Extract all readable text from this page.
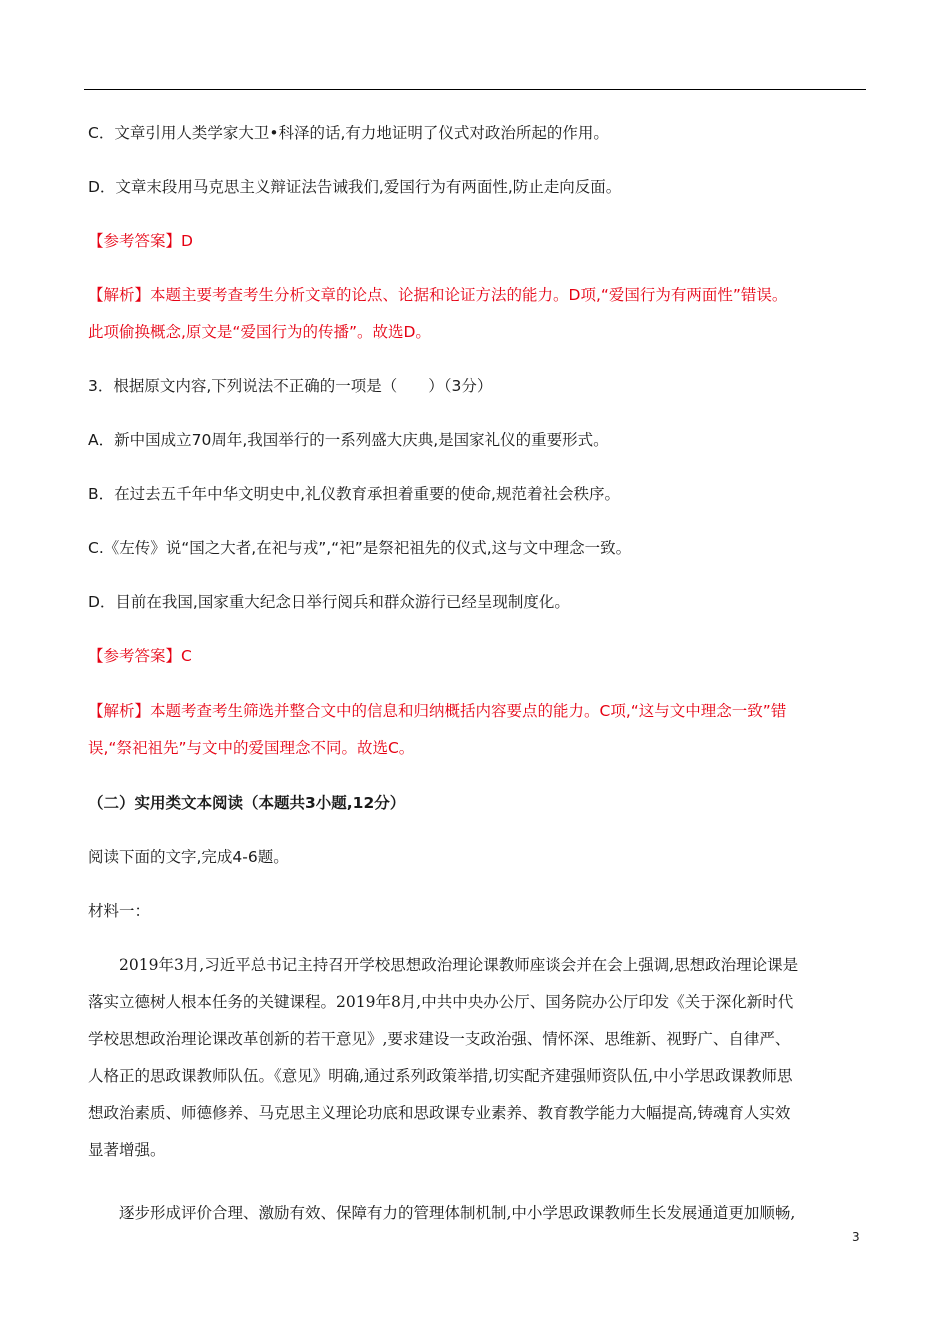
C．文章引用人类学家大卫•科泽的话,有力地证明了仪式对政治所起的作用。
D．文章末段用马克思主义辩证法告诫我们,爱国行为有两面性,防止走向反面。
【参考答案】D
【解析】本题主要考查考生分析文章的论点、论据和论证方法的能力。D项,“爱国行为有两面性”错误。
此项偷换概念,原文是“爱国行为的传播”。故选D。
3．根据原文内容,下列说法不正确的一项是（　　）（3分）
A．新中国成立70周年,我国举行的一系列盛大庆典,是国家礼仪的重要形式。
B．在过去五千年中华文明史中,礼仪教育承担着重要的使命,规范着社会秩序。
C.《左传》说“国之大者,在祀与戎”,“祀”是祭祀祖先的仪式,这与文中理念一致。
D．目前在我国,国家重大纪念日举行阅兵和群众游行已经呈现制度化。
【参考答案】C
【解析】本题考查考生筛选并整合文中的信息和归纳概括内容要点的能力。C项,“这与文中理念一致”错
误,“祭祀祖先”与文中的爱国理念不同。故选C。
（二）实用类文本阅读（本题共3小题,12分）
阅读下面的文字,完成4-6题。
材料一：
2019年3月,习近平总书记主持召开学校思想政治理论课教师座谈会并在会上强调,思想政治理论课是
落实立德树人根本任务的关键课程。2019年8月,中共中央办公厅、国务院办公厅印发《关于深化新时代
学校思想政治理论课改革创新的若干意见》,要求建设一支政治强、情怀深、思维新、视野广、自律严、
人格正的思政课教师队伍。《意见》明确,通过系列政策举措,切实配齐建强师资队伍,中小学思政课教师思
想政治素质、师德修养、马克思主义理论功底和思政课专业素养、教育教学能力大幅提高,铸魂育人实效
显著增强。
逐步形成评价合理、激励有效、保障有力的管理体制机制,中小学思政课教师生长发展通道更加顺畅,
3
